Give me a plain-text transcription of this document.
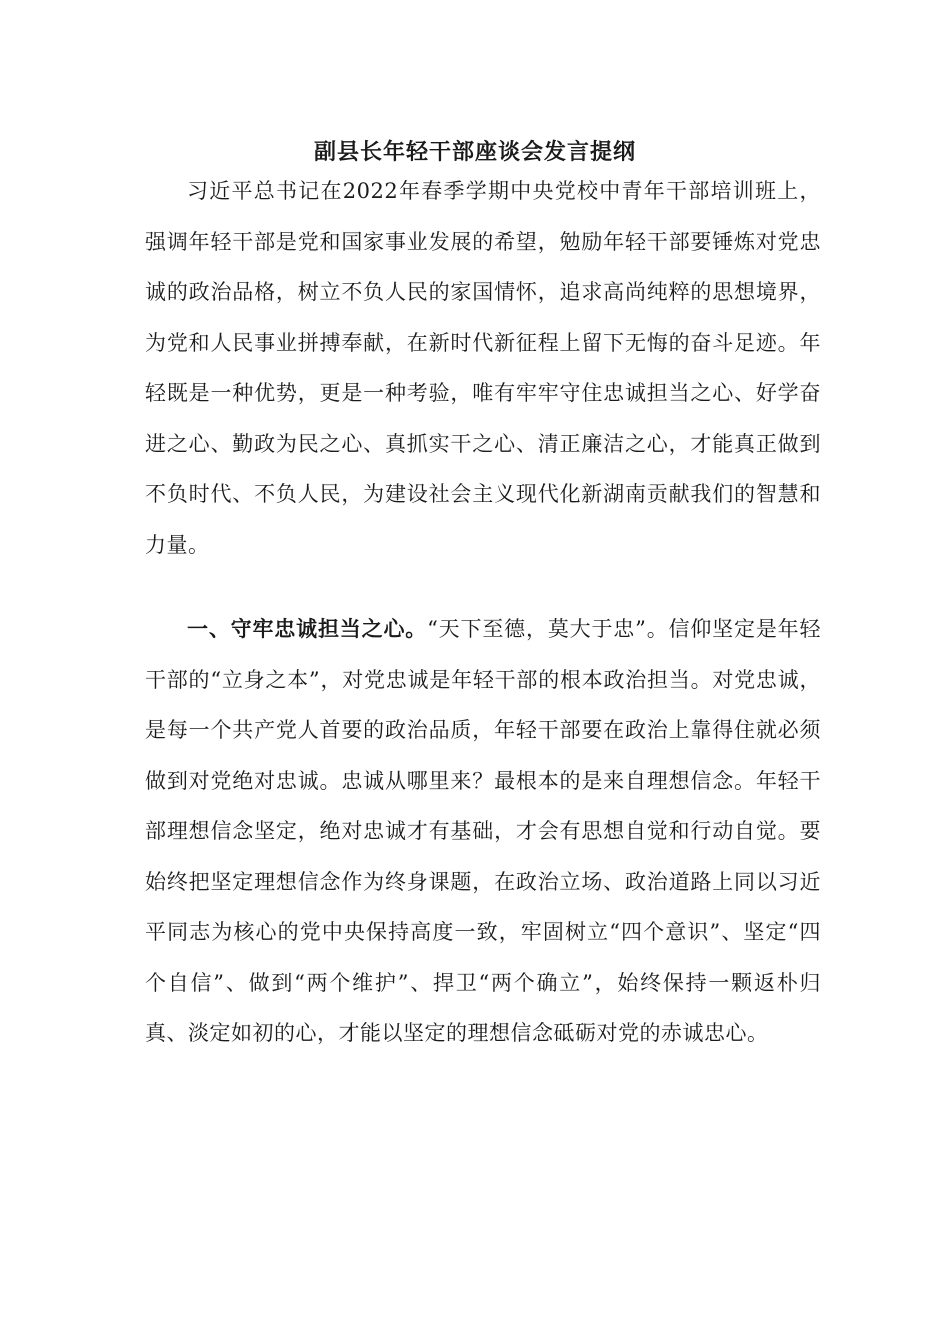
副县长年轻干部座谈会发言提纲

习近平总书记在2022年春季学期中央党校中青年干部培训班上，强调年轻干部是党和国家事业发展的希望，勉励年轻干部要锤炼对党忠诚的政治品格，树立不负人民的家国情怀，追求高尚纯粹的思想境界，为党和人民事业拼搏奉献，在新时代新征程上留下无悔的奋斗足迹。年轻既是一种优势，更是一种考验，唯有牢牢守住忠诚担当之心、好学奋进之心、勤政为民之心、真抓实干之心、清正廉洁之心，才能真正做到不负时代、不负人民，为建设社会主义现代化新湖南贡献我们的智慧和力量。

一、守牢忠诚担当之心。“天下至德，莫大于忠”。信仰坚定是年轻干部的“立身之本”，对党忠诚是年轻干部的根本政治担当。对党忠诚，是每一个共产党人首要的政治品质，年轻干部要在政治上靠得住就必须做到对党绝对忠诚。忠诚从哪里来？最根本的是来自理想信念。年轻干部理想信念坚定，绝对忠诚才有基础，才会有思想自觉和行动自觉。要始终把坚定理想信念作为终身课题，在政治立场、政治道路上同以习近平同志为核心的党中央保持高度一致，牢固树立“四个意识”、坚定“四个自信”、做到“两个维护”、捍卫“两个确立”，始终保持一颗返朴归真、淡定如初的心，才能以坚定的理想信念砥砺对党的赤诚忠心。
